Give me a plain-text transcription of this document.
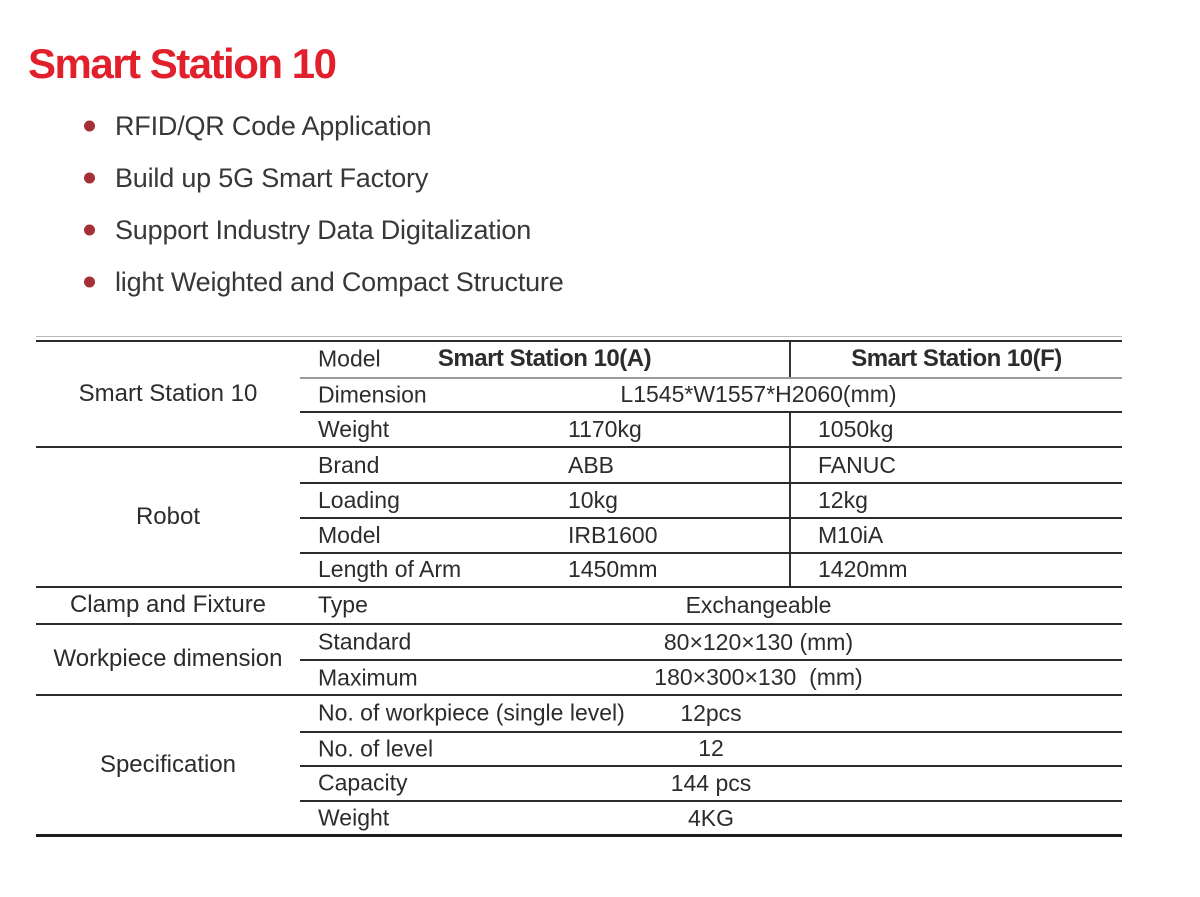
Smart Station 10
RFID/QR Code Application
Build up 5G Smart Factory
Support Industry Data Digitalization
light Weighted and Compact Structure
Smart Station 10
Model	Smart Station 10(A)	Smart Station 10(F)
Dimension	L1545*W1557*H2060(mm)
Weight	1170kg	1050kg
Robot
Brand	ABB	FANUC
Loading	10kg	12kg
Model	IRB1600	M10iA
Length of Arm	1450mm	1420mm
Clamp and Fixture	Type	Exchangeable
Workpiece dimension
Standard	80×120×130 (mm)
Maximum	180×300×130  (mm)
Specification
No. of workpiece (single level)	12pcs
No. of level	12
Capacity	144 pcs
Weight	4KG
